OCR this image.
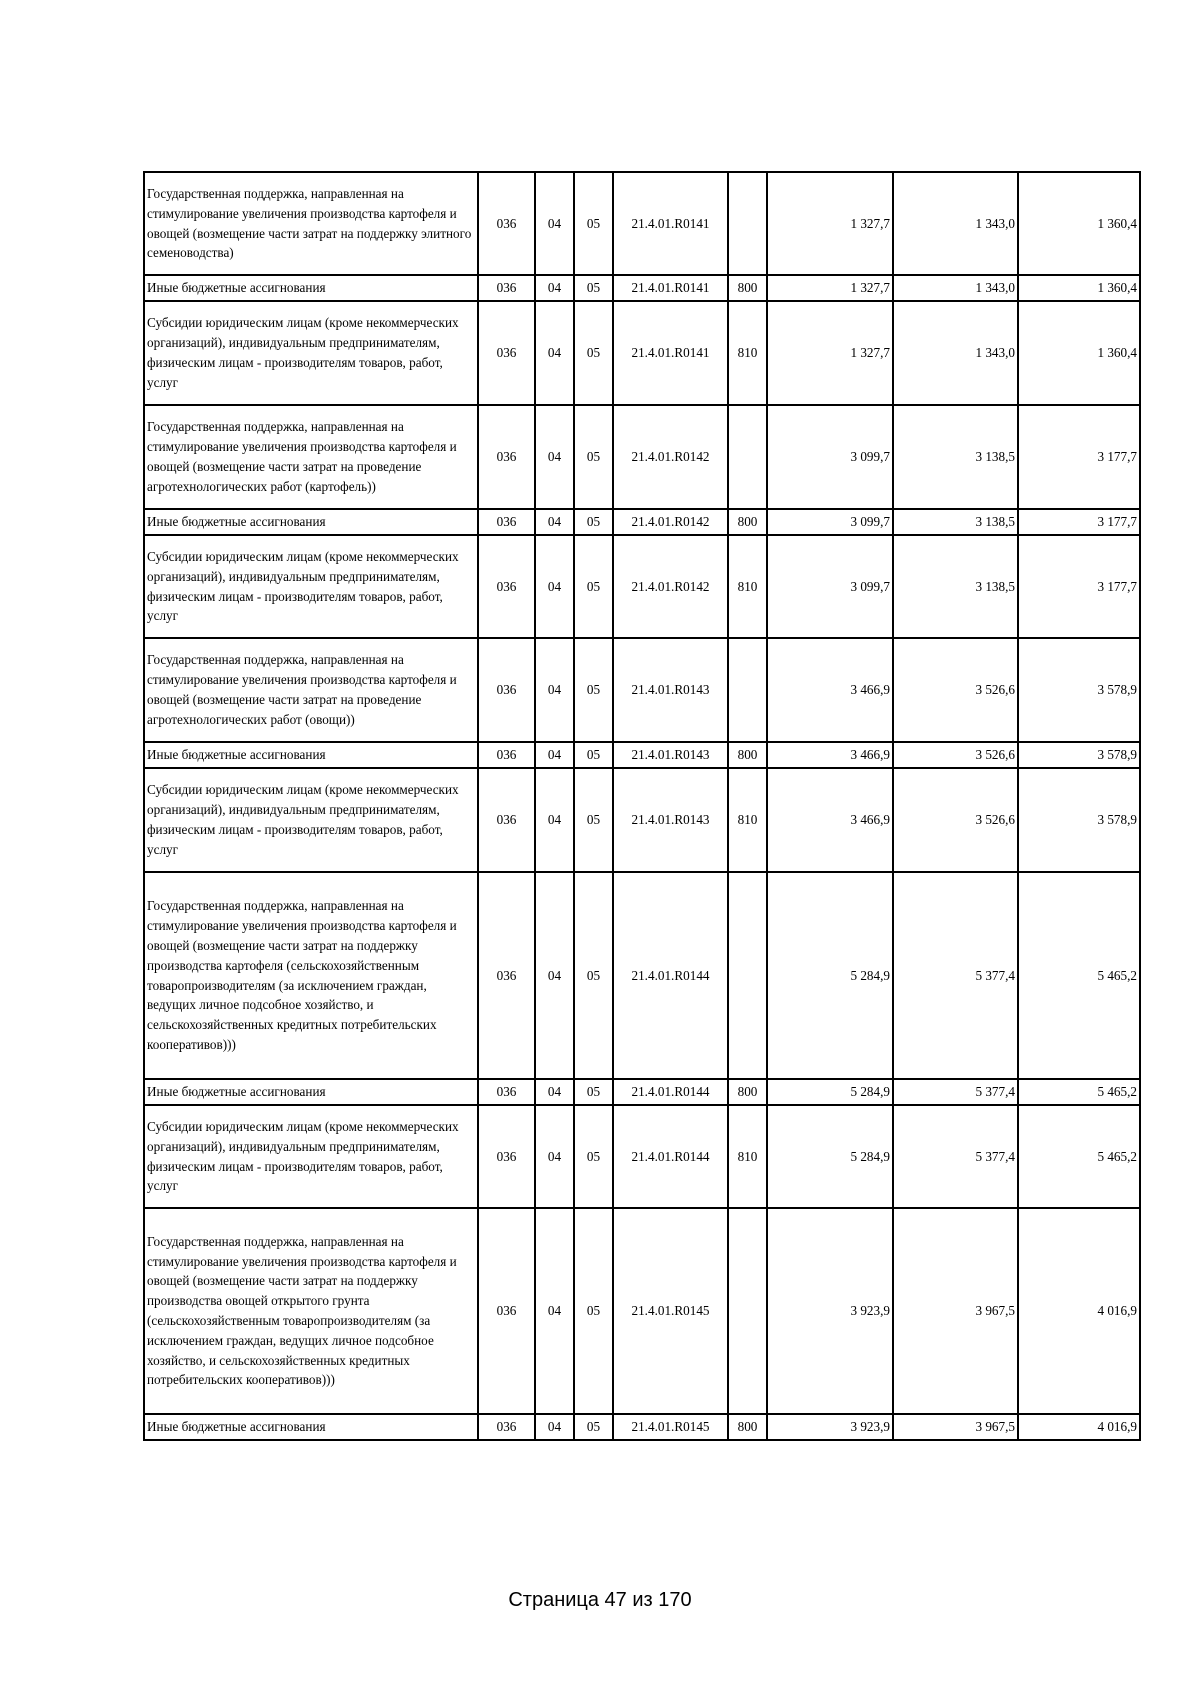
Государственная поддержка, направленная на стимулирование увеличения производства картофеля и овощей (возмещение части затрат на поддержку элитного семеноводства)	036	04	05	21.4.01.R0141		1 327,7	1 343,0	1 360,4
Иные бюджетные ассигнования	036	04	05	21.4.01.R0141	800	1 327,7	1 343,0	1 360,4
Субсидии юридическим лицам (кроме некоммерческих организаций), индивидуальным предпринимателям, физическим лицам - производителям товаров, работ, услуг	036	04	05	21.4.01.R0141	810	1 327,7	1 343,0	1 360,4
Государственная поддержка, направленная на стимулирование увеличения производства картофеля и овощей (возмещение части затрат на проведение агротехнологических работ (картофель))	036	04	05	21.4.01.R0142		3 099,7	3 138,5	3 177,7
Иные бюджетные ассигнования	036	04	05	21.4.01.R0142	800	3 099,7	3 138,5	3 177,7
Субсидии юридическим лицам (кроме некоммерческих организаций), индивидуальным предпринимателям, физическим лицам - производителям товаров, работ, услуг	036	04	05	21.4.01.R0142	810	3 099,7	3 138,5	3 177,7
Государственная поддержка, направленная на стимулирование увеличения производства картофеля и овощей (возмещение части затрат на проведение агротехнологических работ (овощи))	036	04	05	21.4.01.R0143		3 466,9	3 526,6	3 578,9
Иные бюджетные ассигнования	036	04	05	21.4.01.R0143	800	3 466,9	3 526,6	3 578,9
Субсидии юридическим лицам (кроме некоммерческих организаций), индивидуальным предпринимателям, физическим лицам - производителям товаров, работ, услуг	036	04	05	21.4.01.R0143	810	3 466,9	3 526,6	3 578,9
Государственная поддержка, направленная на стимулирование увеличения производства картофеля и овощей (возмещение части затрат на поддержку производства картофеля (сельскохозяйственным товаропроизводителям (за исключением граждан, ведущих личное подсобное хозяйство, и сельскохозяйственных кредитных потребительских кооперативов)))	036	04	05	21.4.01.R0144		5 284,9	5 377,4	5 465,2
Иные бюджетные ассигнования	036	04	05	21.4.01.R0144	800	5 284,9	5 377,4	5 465,2
Субсидии юридическим лицам (кроме некоммерческих организаций), индивидуальным предпринимателям, физическим лицам - производителям товаров, работ, услуг	036	04	05	21.4.01.R0144	810	5 284,9	5 377,4	5 465,2
Государственная поддержка, направленная на стимулирование увеличения производства картофеля и овощей (возмещение части затрат на поддержку производства овощей открытого грунта (сельскохозяйственным товаропроизводителям (за исключением граждан, ведущих личное подсобное хозяйство, и сельскохозяйственных кредитных потребительских кооперативов)))	036	04	05	21.4.01.R0145		3 923,9	3 967,5	4 016,9
Иные бюджетные ассигнования	036	04	05	21.4.01.R0145	800	3 923,9	3 967,5	4 016,9
Страница 47 из 170
